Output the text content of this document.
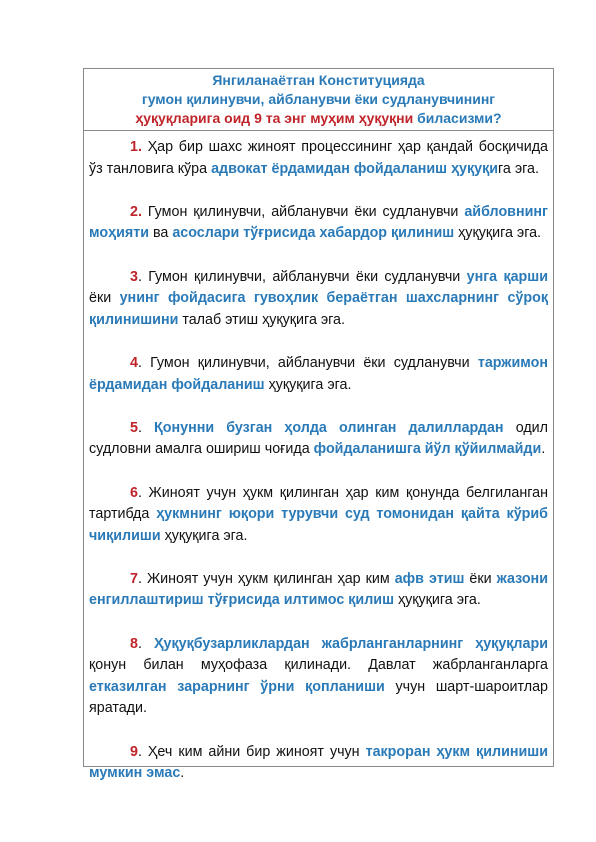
Янгиланаётган Конституцияда
гумон қилинувчи, айбланувчи ёки судланувчининг
ҳуқуқларига оид 9 та энг муҳим ҳуқуқни биласизми?

1. Ҳар бир шахс жиноят процессининг ҳар қандай босқичида ўз танловига кўра адвокат ёрдамидан фойдаланиш ҳуқуқига эга.

2. Гумон қилинувчи, айбланувчи ёки судланувчи айбловнинг моҳияти ва асослари тўғрисида хабардор қилиниш ҳуқуқига эга.

3. Гумон қилинувчи, айбланувчи ёки судланувчи унга қарши ёки унинг фойдасига гувоҳлик бераётган шахсларнинг сўроқ қилинишини талаб этиш ҳуқуқига эга.

4. Гумон қилинувчи, айбланувчи ёки судланувчи таржимон ёрдамидан фойдаланиш ҳуқуқига эга.

5. Қонунни бузган ҳолда олинган далиллардан одил судловни амалга ошириш чоғида фойдаланишга йўл қўйилмайди.

6. Жиноят учун ҳукм қилинган ҳар ким қонунда белгиланган тартибда ҳукмнинг юқори турувчи суд томонидан қайта кўриб чиқилиши ҳуқуқига эга.

7. Жиноят учун ҳукм қилинган ҳар ким афв этиш ёки жазони енгиллаштириш тўғрисида илтимос қилиш ҳуқуқига эга.

8. Ҳуқуқбузарликлардан жабрланганларнинг ҳуқуқлари қонун билан муҳофаза қилинади. Давлат жабрланганларга етказилган зарарнинг ўрни қопланиши учун шарт-шароитлар яратади.

9. Ҳеч ким айни бир жиноят учун такроран ҳукм қилиниши мумкин эмас.
